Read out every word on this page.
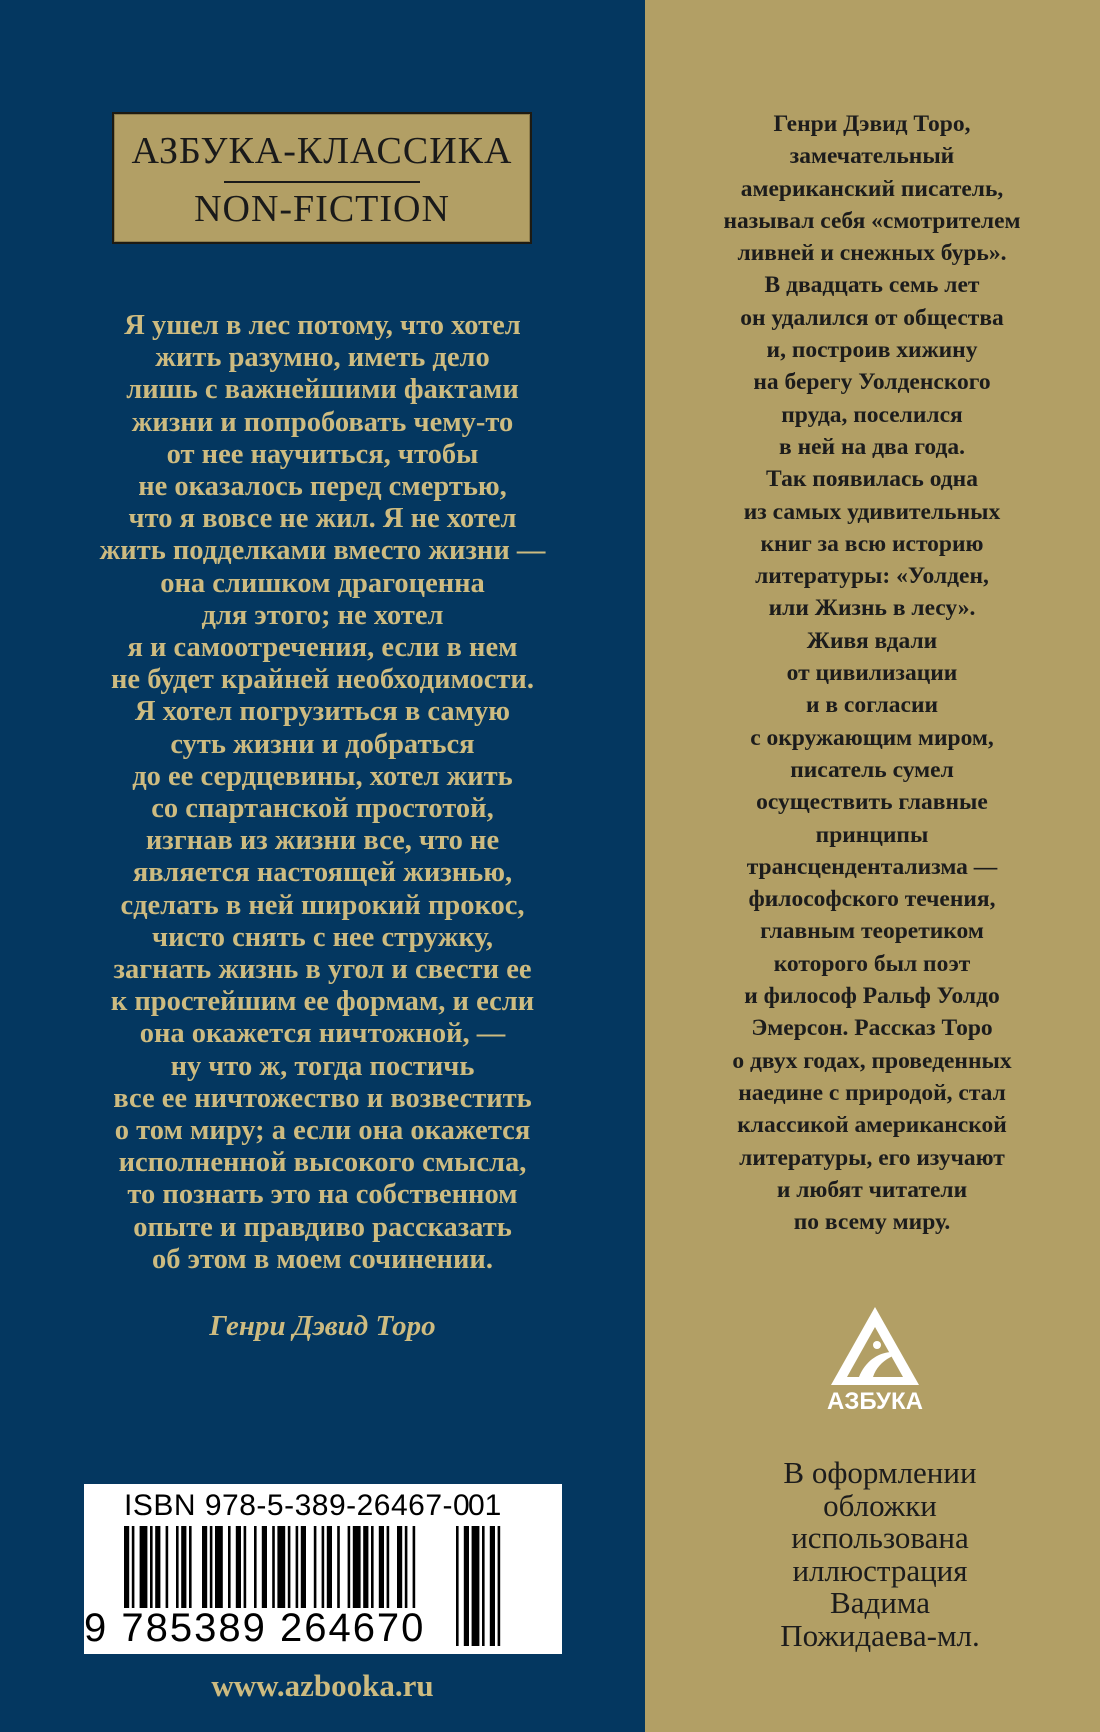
АЗБУКА-КЛАССИКА
NON-FICTION
Я ушел в лес потому, что хотел
жить разумно, иметь дело
лишь с важнейшими фактами
жизни и попробовать чему-то
от нее научиться, чтобы
не оказалось перед смертью,
что я вовсе не жил. Я не хотел
жить подделками вместо жизни —
она слишком драгоценна
для этого; не хотел
я и самоотречения, если в нем
не будет крайней необходимости.
Я хотел погрузиться в самую
суть жизни и добраться
до ее сердцевины, хотел жить
со спартанской простотой,
изгнав из жизни все, что не
является настоящей жизнью,
сделать в ней широкий прокос,
чисто снять с нее стружку,
загнать жизнь в угол и свести ее
к простейшим ее формам, и если
она окажется ничтожной, —
ну что ж, тогда постичь
все ее ничтожество и возвестить
о том миру; а если она окажется
исполненной высокого смысла,
то познать это на собственном
опыте и правдиво рассказать
об этом в моем сочинении.
Генри Дэвид Торо
ISBN 978-5-389-26467-0
01
9 785389 264670
www.azbooka.ru
Генри Дэвид Торо,
замечательный
американский писатель,
называл себя «смотрителем
ливней и снежных бурь».
В двадцать семь лет
он удалился от общества
и, построив хижину
на берегу Уолденского
пруда, поселился
в ней на два года.
Так появилась одна
из самых удивительных
книг за всю историю
литературы: «Уолден,
или Жизнь в лесу».
Живя вдали
от цивилизации
и в согласии
с окружающим миром,
писатель сумел
осуществить главные
принципы
трансцендентализма —
философского течения,
главным теоретиком
которого был поэт
и философ Ральф Уолдо
Эмерсон. Рассказ Торо
о двух годах, проведенных
наедине с природой, стал
классикой американской
литературы, его изучают
и любят читатели
по всему миру.
АЗБУКА
В оформлении
обложки
использована
иллюстрация
Вадима
Пожидаева-мл.
